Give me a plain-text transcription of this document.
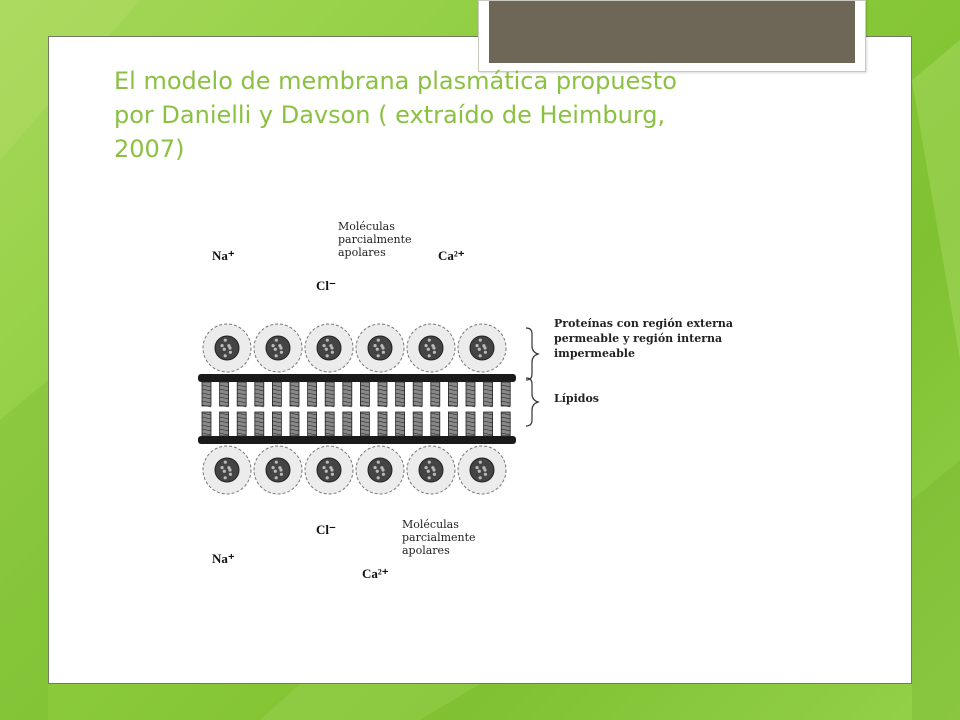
El modelo de membrana plasmática propuesto
por Danielli y Davson ( extraído de Heimburg,
2007)
Na⁺
Moléculas
parcialmente
apolares	Ca²⁺
Cl⁻
Proteínas con región externa
permeable y región interna
impermeable
Lípidos
Cl⁻	Moléculas
parcialmente
apolares
Na⁺
Ca²⁺
